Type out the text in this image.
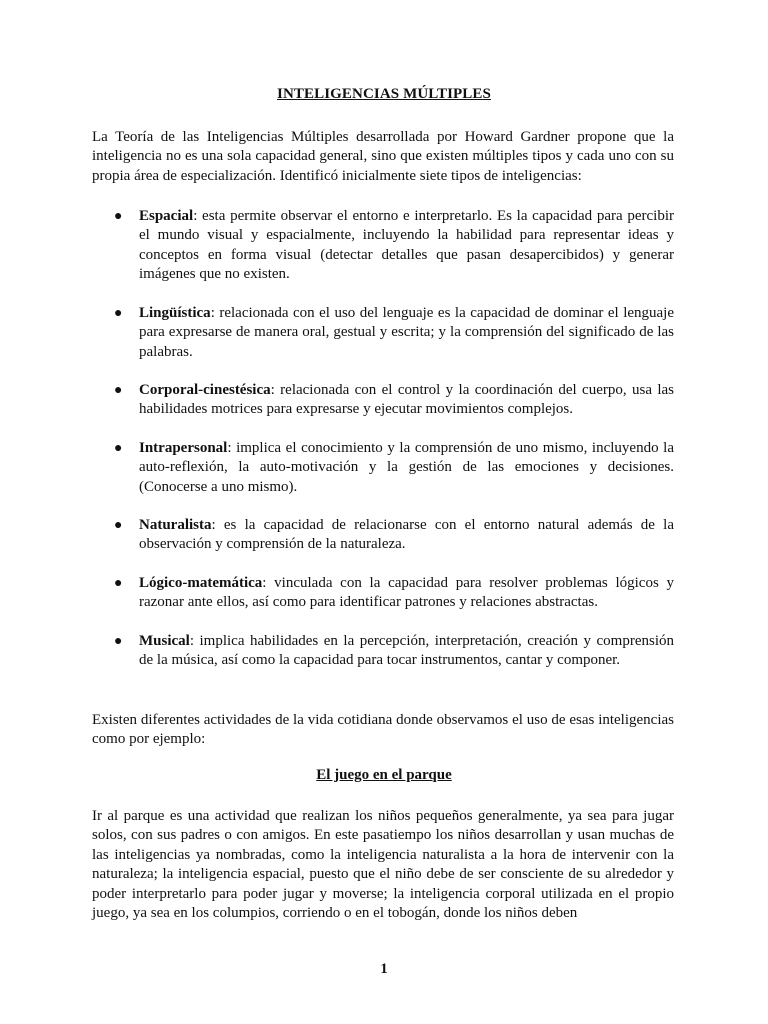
INTELIGENCIAS MÚLTIPLES

La Teoría de las Inteligencias Múltiples desarrollada por Howard Gardner propone que la inteligencia no es una sola capacidad general, sino que existen múltiples tipos y cada uno con su propia área de especialización. Identificó inicialmente siete tipos de inteligencias:

● Espacial: esta permite observar el entorno e interpretarlo. Es la capacidad para percibir el mundo visual y espacialmente, incluyendo la habilidad para representar ideas y conceptos en forma visual (detectar detalles que pasan desapercibidos) y generar imágenes que no existen.
● Lingüística: relacionada con el uso del lenguaje es la capacidad de dominar el lenguaje para expresarse de manera oral, gestual y escrita; y la comprensión del significado de las palabras.
● Corporal-cinestésica: relacionada con el control y la coordinación del cuerpo, usa las habilidades motrices para expresarse y ejecutar movimientos complejos.
● Intrapersonal: implica el conocimiento y la comprensión de uno mismo, incluyendo la auto-reflexión, la auto-motivación y la gestión de las emociones y decisiones. (Conocerse a uno mismo).
● Naturalista: es la capacidad de relacionarse con el entorno natural además de la observación y comprensión de la naturaleza.
● Lógico-matemática: vinculada con la capacidad para resolver problemas lógicos y razonar ante ellos, así como para identificar patrones y relaciones abstractas.
● Musical: implica habilidades en la percepción, interpretación, creación y comprensión de la música, así como la capacidad para tocar instrumentos, cantar y componer.

Existen diferentes actividades de la vida cotidiana donde observamos el uso de esas inteligencias como por ejemplo:

El juego en el parque

Ir al parque es una actividad que realizan los niños pequeños generalmente, ya sea para jugar solos, con sus padres o con amigos. En este pasatiempo los niños desarrollan y usan muchas de las inteligencias ya nombradas, como la inteligencia naturalista a la hora de intervenir con la naturaleza; la inteligencia espacial, puesto que el niño debe de ser consciente de su alrededor y poder interpretarlo para poder jugar y moverse; la inteligencia corporal utilizada en el propio juego, ya sea en los columpios, corriendo o en el tobogán, donde los niños deben

1
